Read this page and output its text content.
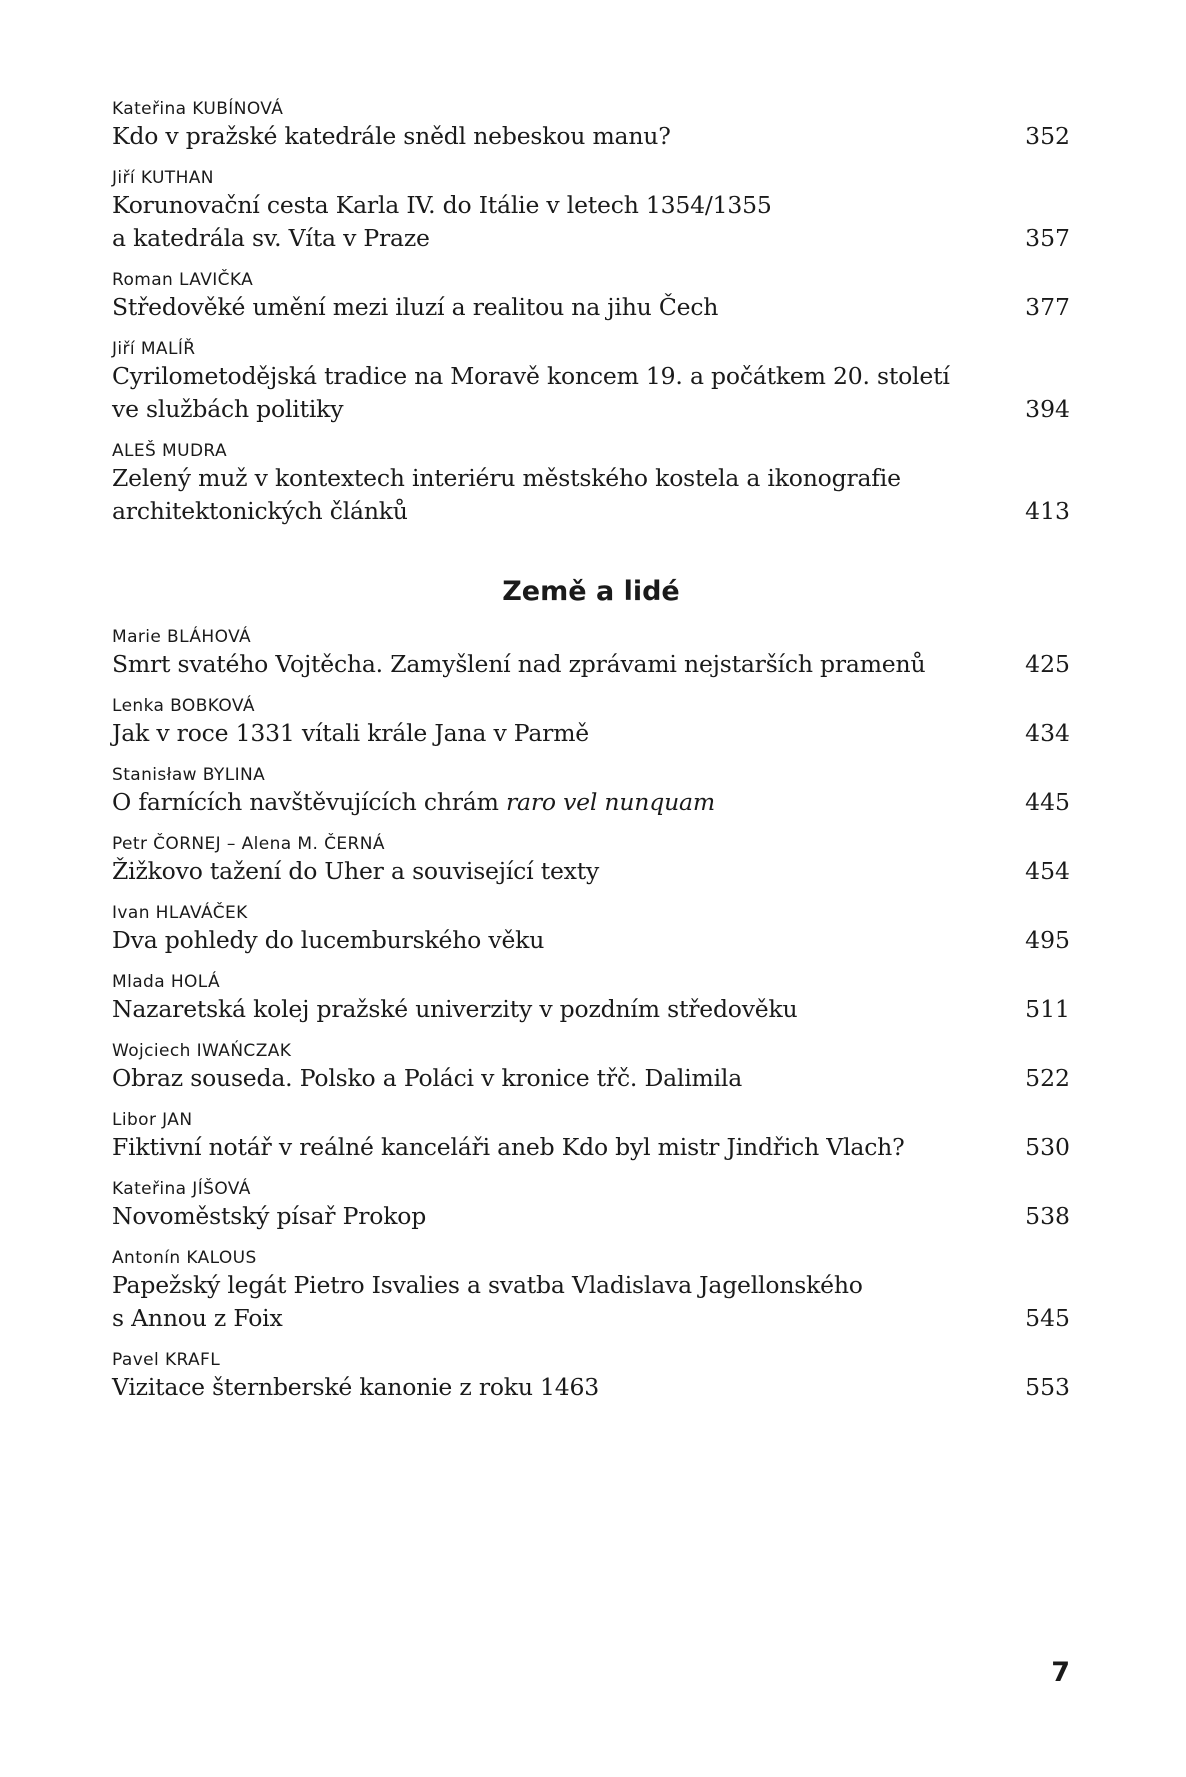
Kateřina KUBÍNOVÁ
Kdo v pražské katedrále snědl nebeskou manu?	352
Jiří KUTHAN
Korunovační cesta Karla IV. do Itálie v letech 1354/1355
a katedrála sv. Víta v Praze	357
Roman LAVIČKA
Středověké umění mezi iluzí a realitou na jihu Čech	377
Jiří MALÍŘ
Cyrilometodějská tradice na Moravě koncem 19. a počátkem 20. století
ve službách politiky	394
ALEŠ MUDRA
Zelený muž v kontextech interiéru městského kostela a ikonografie
architektonických článků	413
Země a lidé
Marie BLÁHOVÁ
Smrt svatého Vojtěcha. Zamyšlení nad zprávami nejstarších pramenů	425
Lenka BOBKOVÁ
Jak v roce 1331 vítali krále Jana v Parmě	434
Stanisław BYLINA
O farnících navštěvujících chrám raro vel nunquam	445
Petr ČORNEJ – Alena M. ČERNÁ
Žižkovo tažení do Uher a související texty	454
Ivan HLAVÁČEK
Dva pohledy do lucemburského věku	495
Mlada HOLÁ
Nazaretská kolej pražské univerzity v pozdním středověku	511
Wojciech IWAŃCZAK
Obraz souseda. Polsko a Poláci v kronice třč. Dalimila	522
Libor JAN
Fiktivní notář v reálné kanceláři aneb Kdo byl mistr Jindřich Vlach?	530
Kateřina JÍŠOVÁ
Novoměstský písař Prokop	538
Antonín KALOUS
Papežský legát Pietro Isvalies a svatba Vladislava Jagellonského
s Annou z Foix	545
Pavel KRAFL
Vizitace šternberské kanonie z roku 1463	553
7
